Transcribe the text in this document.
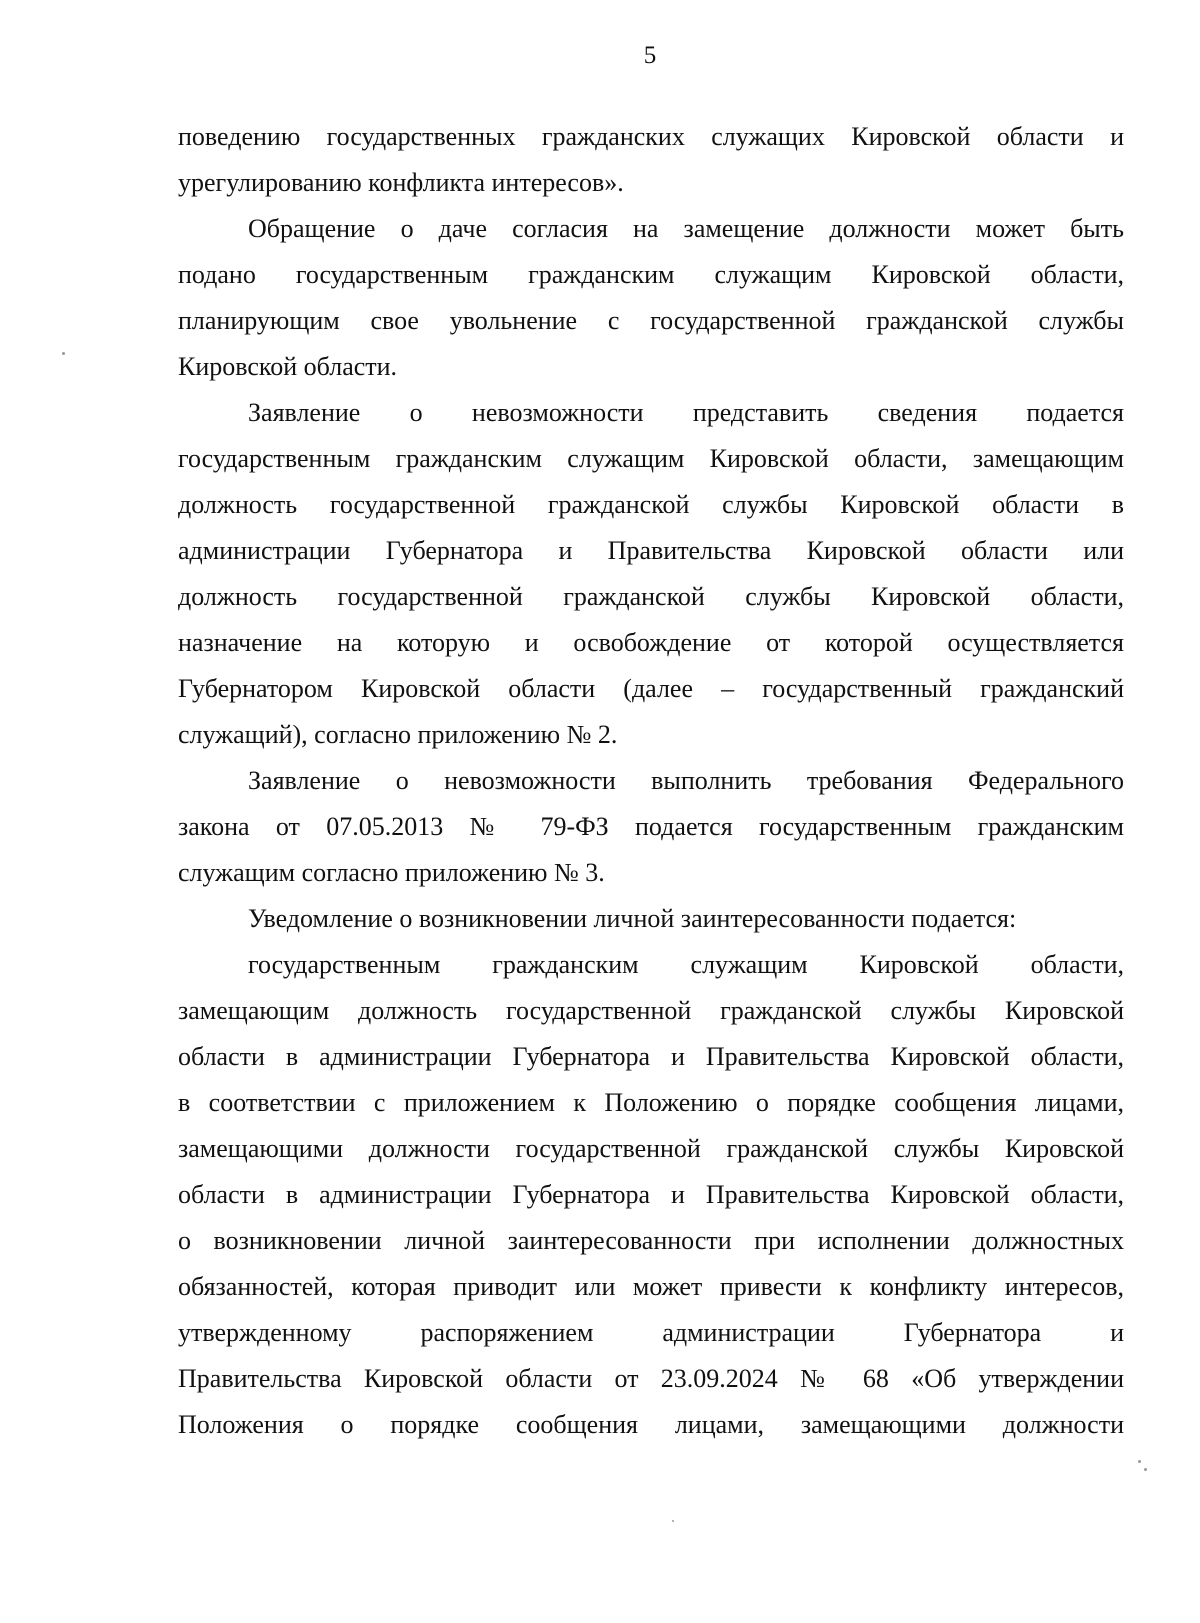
5
поведению государственных гражданских служащих Кировской области и
урегулированию конфликта интересов».
Обращение о даче согласия на замещение должности может быть
подано государственным гражданским служащим Кировской области,
планирующим свое увольнение с государственной гражданской службы
Кировской области.
Заявление о невозможности представить сведения подается
государственным гражданским служащим Кировской области, замещающим
должность государственной гражданской службы Кировской области в
администрации Губернатора и Правительства Кировской области или
должность государственной гражданской службы Кировской области,
назначение на которую и освобождение от которой осуществляется
Губернатором Кировской области (далее – государственный гражданский
служащий), согласно приложению № 2.
Заявление о невозможности выполнить требования Федерального
закона от 07.05.2013 № 79-ФЗ подается государственным гражданским
служащим согласно приложению № 3.
Уведомление о возникновении личной заинтересованности подается:
государственным гражданским служащим Кировской области,
замещающим должность государственной гражданской службы Кировской
области в администрации Губернатора и Правительства Кировской области,
в соответствии с приложением к Положению о порядке сообщения лицами,
замещающими должности государственной гражданской службы Кировской
области в администрации Губернатора и Правительства Кировской области,
о возникновении личной заинтересованности при исполнении должностных
обязанностей, которая приводит или может привести к конфликту интересов,
утвержденному распоряжением администрации Губернатора и
Правительства Кировской области от 23.09.2024 № 68 «Об утверждении
Положения о порядке сообщения лицами, замещающими должности
